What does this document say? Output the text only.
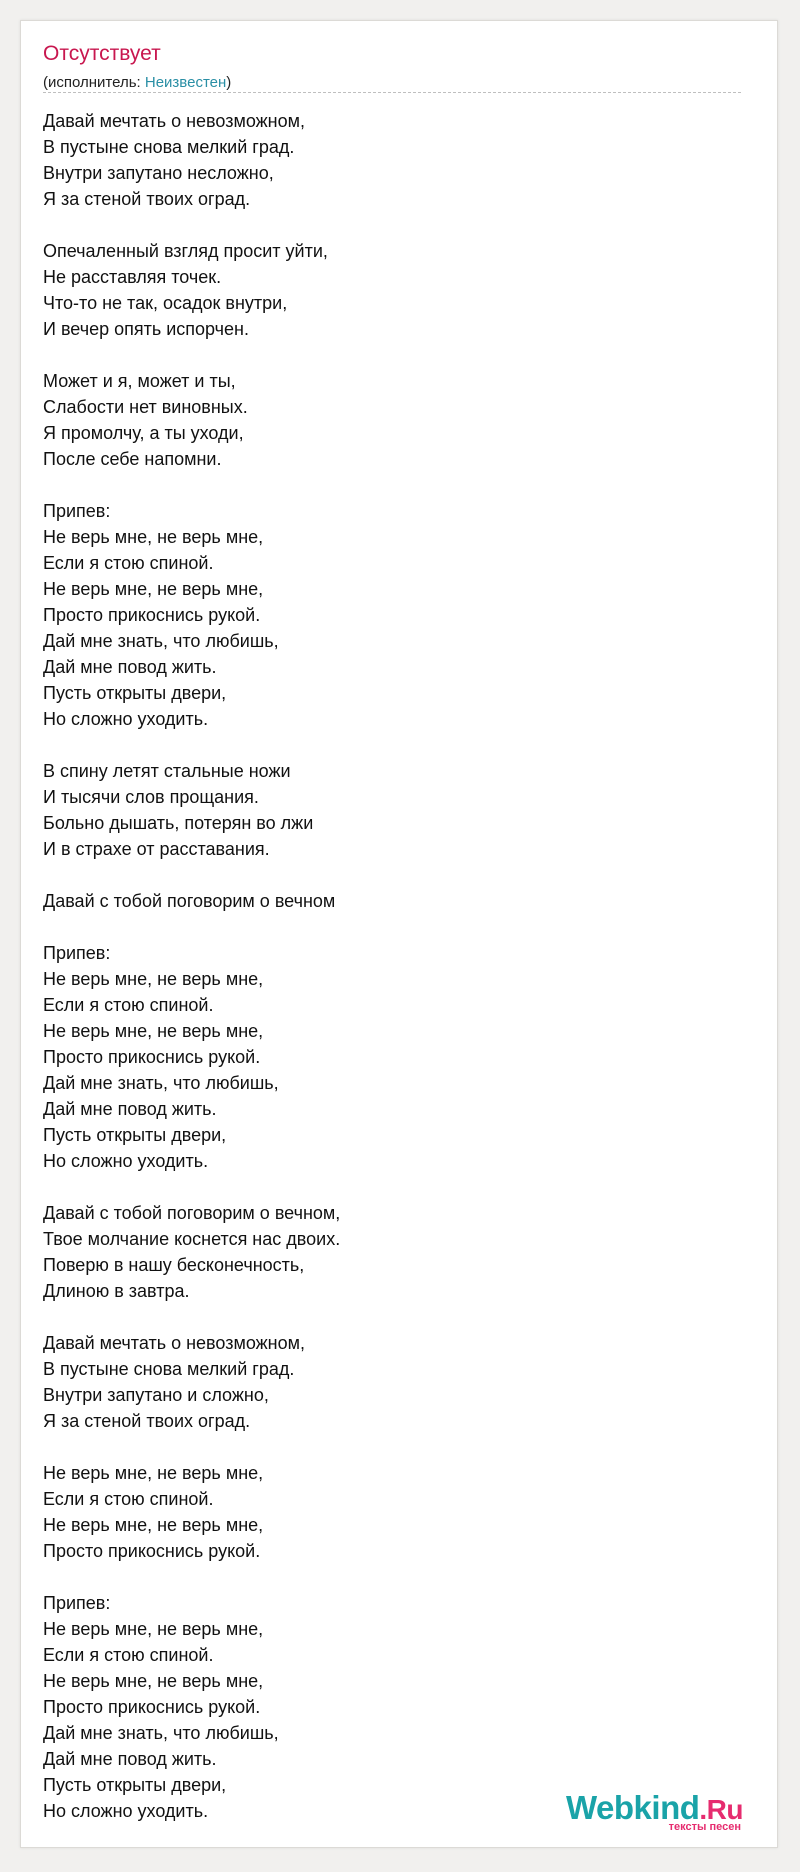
Отсутствует
(исполнитель: Неизвестен)
Давай мечтать о невозможном,
В пустыне снова мелкий град.
Внутри запутано несложно,
Я за стеной твоих оград.
Опечаленный взгляд просит уйти,
Не расставляя точек.
Что-то не так, осадок внутри,
И вечер опять испорчен.
Может и я, может и ты,
Слабости нет виновных.
Я промолчу, а ты уходи,
После себе напомни.
Припев:
Не верь мне, не верь мне,
Если я стою спиной.
Не верь мне, не верь мне,
Просто прикоснись рукой.
Дай мне знать, что любишь,
Дай мне повод жить.
Пусть открыты двери,
Но сложно уходить.
В спину летят стальные ножи
И тысячи слов прощания.
Больно дышать, потерян во лжи
И в страхе от расставания.
Давай с тобой поговорим о вечном
Припев:
Не верь мне, не верь мне,
Если я стою спиной.
Не верь мне, не верь мне,
Просто прикоснись рукой.
Дай мне знать, что любишь,
Дай мне повод жить.
Пусть открыты двери,
Но сложно уходить.
Давай с тобой поговорим о вечном,
Твое молчание коснется нас двоих.
Поверю в нашу бесконечность,
Длиною в завтра.
Давай мечтать о невозможном,
В пустыне снова мелкий град.
Внутри запутано и сложно,
Я за стеной твоих оград.
Не верь мне, не верь мне,
Если я стою спиной.
Не верь мне, не верь мне,
Просто прикоснись рукой.
Припев:
Не верь мне, не верь мне,
Если я стою спиной.
Не верь мне, не верь мне,
Просто прикоснись рукой.
Дай мне знать, что любишь,
Дай мне повод жить.
Пусть открыты двери,
Но сложно уходить.	Webkind.Ru
тексты песен
